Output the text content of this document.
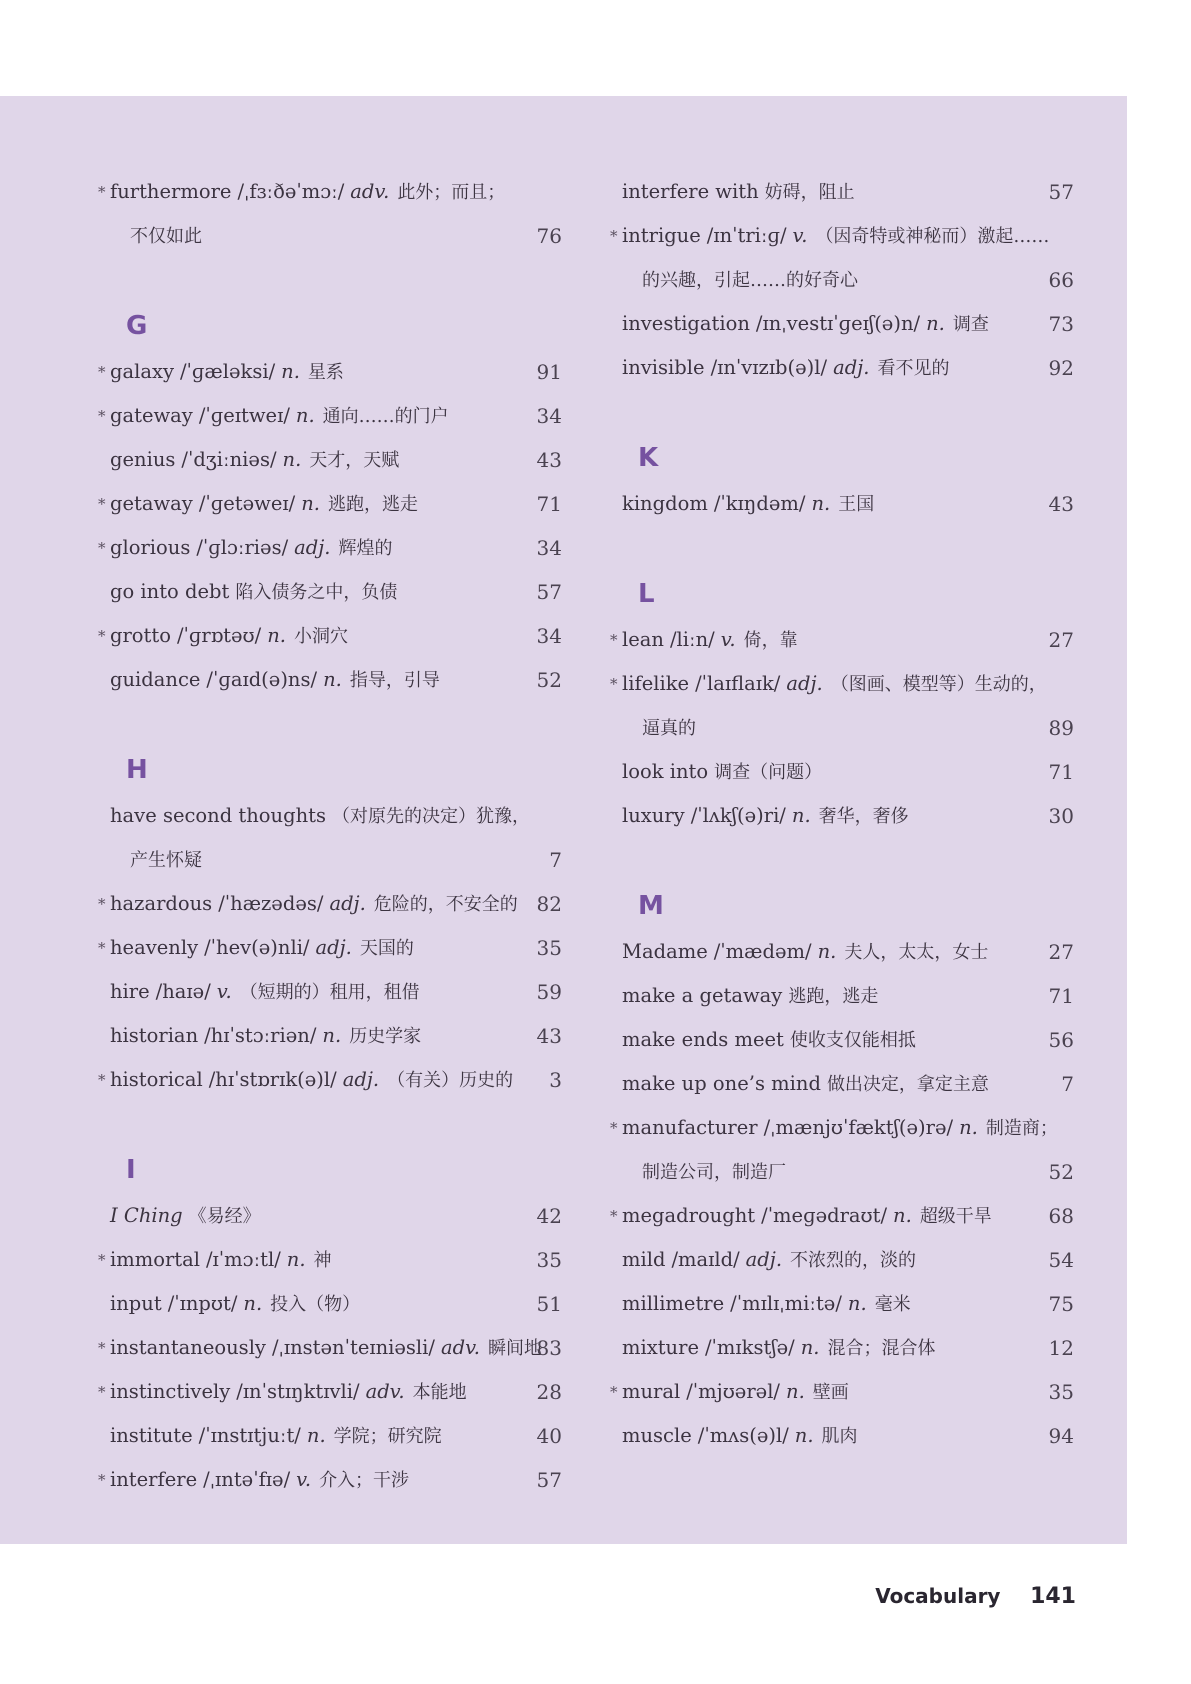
* furthermore /ˌfɜːðəˈmɔː/ adv. 此外；而且；
不仅如此	76
G
* galaxy /ˈɡæləksi/ n. 星系	91
* gateway /ˈɡeɪtweɪ/ n. 通向……的门户	34
genius /ˈdʒiːniəs/ n. 天才，天赋	43
* getaway /ˈɡetəweɪ/ n. 逃跑，逃走	71
* glorious /ˈɡlɔːriəs/ adj. 辉煌的	34
go into debt 陷入债务之中，负债	57
* grotto /ˈɡrɒtəʊ/ n. 小洞穴	34
guidance /ˈɡaɪd(ə)ns/ n. 指导，引导	52
H
have second thoughts （对原先的决定）犹豫，
产生怀疑	7
* hazardous /ˈhæzədəs/ adj. 危险的，不安全的 82
* heavenly /ˈhev(ə)nli/ adj. 天国的	35
hire /haɪə/ v. （短期的）租用，租借	59
historian /hɪˈstɔːriən/ n. 历史学家	43
* historical /hɪˈstɒrɪk(ə)l/ adj. （有关）历史的 3
I
I Ching 《易经》	42
* immortal /ɪˈmɔːtl/ n. 神	35
input /ˈɪnpʊt/ n. 投入（物）	51
* instantaneously /ˌɪnstənˈteɪniəsli/ adv. 瞬间地
83
* instinctively /ɪnˈstɪŋktɪvli/ adv. 本能地	28
institute /ˈɪnstɪtjuːt/ n. 学院；研究院	40
* interfere /ˌɪntəˈfɪə/ v. 介入；干涉	57
interfere with 妨碍，阻止	57
* intrigue /ɪnˈtriːɡ/ v. （因奇特或神秘而）激起……
的兴趣，引起……的好奇心	66
investigation /ɪnˌvestɪˈɡeɪʃ(ə)n/ n. 调查	73
invisible /ɪnˈvɪzɪb(ə)l/ adj. 看不见的	92
K
kingdom /ˈkɪŋdəm/ n. 王国	43
L
* lean /liːn/ v. 倚，靠	27
* lifelike /ˈlaɪflaɪk/ adj. （图画、模型等）生动的，
逼真的	89
look into 调查（问题）	71
luxury /ˈlʌkʃ(ə)ri/ n. 奢华，奢侈	30
M
Madame /ˈmædəm/ n. 夫人，太太，女士	27
make a getaway 逃跑，逃走	71
make ends meet 使收支仅能相抵	56
make up one’s mind 做出决定，拿定主意	7
* manufacturer /ˌmænjʊˈfæktʃ(ə)rə/ n. 制造商；
制造公司，制造厂	52
* megadrought /ˈmeɡədraʊt/ n. 超级干旱	68
mild /maɪld/ adj. 不浓烈的，淡的	54
millimetre /ˈmɪlɪˌmiːtə/ n. 毫米	75
mixture /ˈmɪkstʃə/ n. 混合；混合体	12
* mural /ˈmjʊərəl/ n. 壁画	35
muscle /ˈmʌs(ə)l/ n. 肌肉	94
Vocabulary 141
